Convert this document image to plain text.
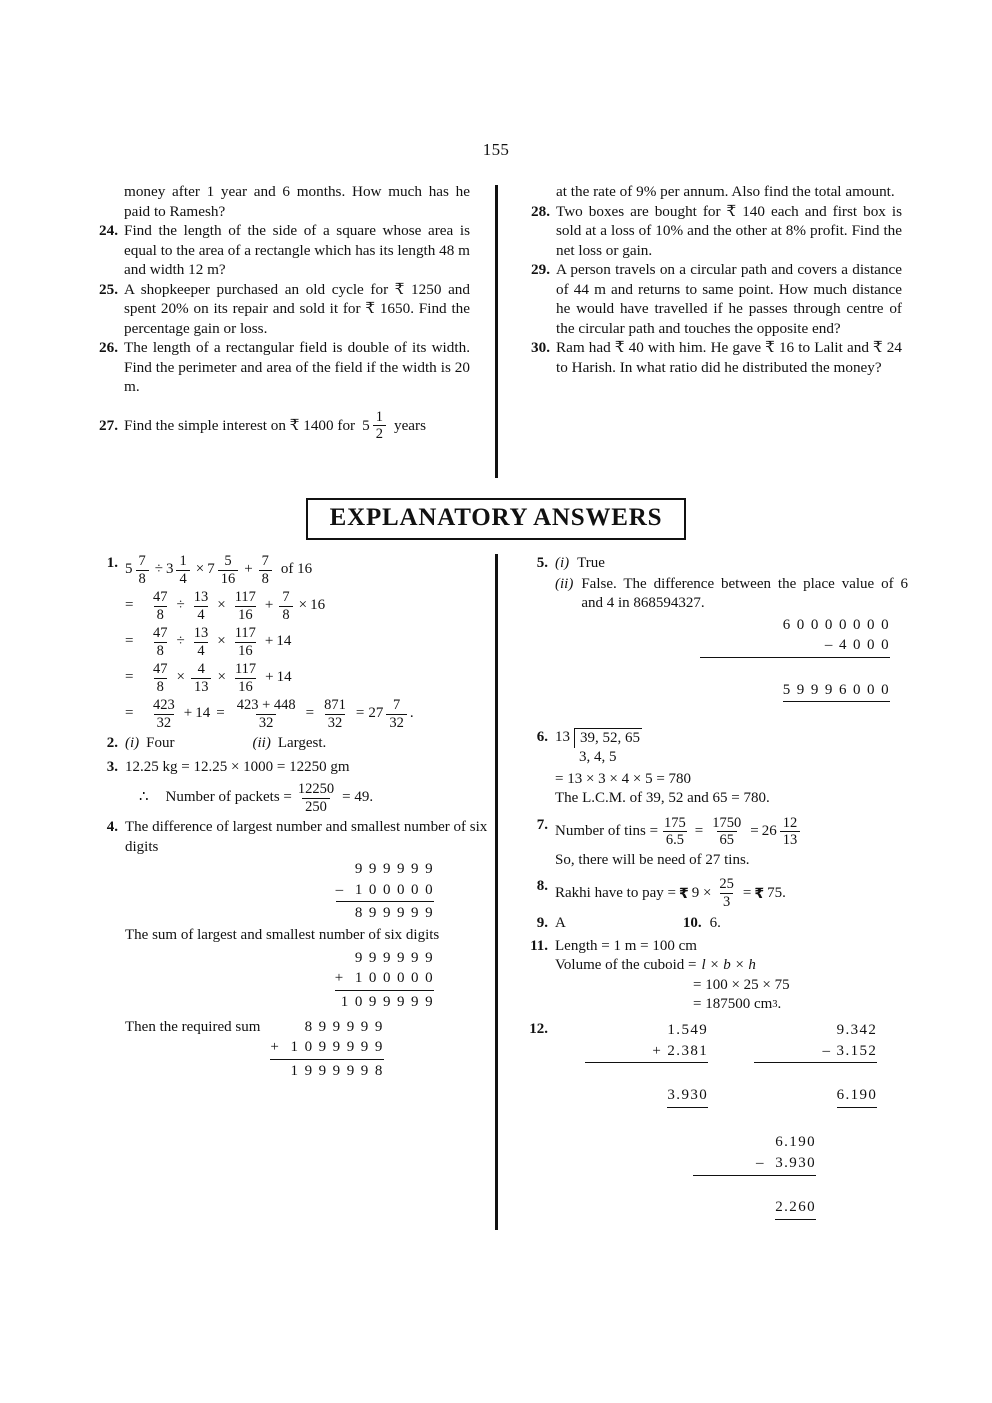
155
money after 1 year and 6 months. How much has he paid to Ramesh?
24. Find the length of the side of a square whose area is equal to the area of a rectangle which has its length 48 m and width 12 m?
25. A shopkeeper purchased an old cycle for ₹ 1250 and spent 20% on its repair and sold it for ₹ 1650. Find the percentage gain or loss.
26. The length of a rectangular field is double of its width. Find the perimeter and area of the field if the width is 20 m.
27. Find the simple interest on ₹ 1400 for $5 \frac{1}{2}$ years
at the rate of 9% per annum. Also find the total amount.
28. Two boxes are bought for ₹ 140 each and first box is sold at a loss of 10% and the other at 8% profit. Find the net loss or gain.
29. A person travels on a circular path and covers a distance of 44 m and returns to same point. How much distance he would have travelled if he passes through centre of the circular path and touches the opposite end?
30. Ram had ₹ 40 with him. He gave ₹ 16 to Lalit and ₹ 24 to Harish. In what ratio did he distributed the money?
EXPLANATORY ANSWERS
1. $5 \frac{7}{8} \div 3 \frac{1}{4} \times 7 \frac{5}{16} + \frac{7}{8}$ of 16
=	$\frac{47}{8} \div \frac{13}{4} \times \frac{117}{16} + \frac{7}{8} \times 16$
=	$\frac{47}{8} \div \frac{13}{4} \times \frac{117}{16} + 14$
=	$\frac{47}{8} \times \frac{4}{13} \times \frac{117}{16} + 14$
=	$\frac{423}{32} + 14 = \frac{423 + 448}{32} = \frac{871}{32} = 27 \frac{7}{32}$ .
2. (i) Four	(ii) Largest.
3. 12.25 kg = 12.25 × 1000 = 12250 gm
∴ Number of packets = $\frac{12250}{250} = 49$.
4. The difference of largest number and smallest number of six digits
9 9 9 9 9 9
–  1 0 0 0 0 0
8 9 9 9 9 9
The sum of largest and smallest number of six digits
9 9 9 9 9 9
+  1 0 0 0 0 0
1 0 9 9 9 9 9
Then the required sum	8 9 9 9 9 9
+  1 0 9 9 9 9 9
1 9 9 9 9 9 8
5. (i) True
(ii) False. The difference between the place value of 6 and 4 in 868594327.
6 0 0 0 0 0 0 0
– 4 0 0 0

5 9 9 9 6 0 0 0

6. 13 39, 52, 65
3, 4, 5
= 13 × 3 × 4 × 5 = 780
The L.C.M. of 39, 52 and 65 = 780.
7. Number of tins = $\frac{175}{6.5} = \frac{1750}{65} = 26 \frac{12}{13}$
So, there will be need of 27 tins.
8. Rakhi have to pay = ₹ $9 \times \frac{25}{3}$ = ₹ 75.
9. A	10. 6.
11. Length = 1 m = 100 cm
Volume of the cuboid = l × b × h
= 100 × 25 × 75
= 187500 cm 3 .
12.	1.549
+ 2.381

3.930

9.342
– 3.152

6.190

6.190
–  3.930

2.260
